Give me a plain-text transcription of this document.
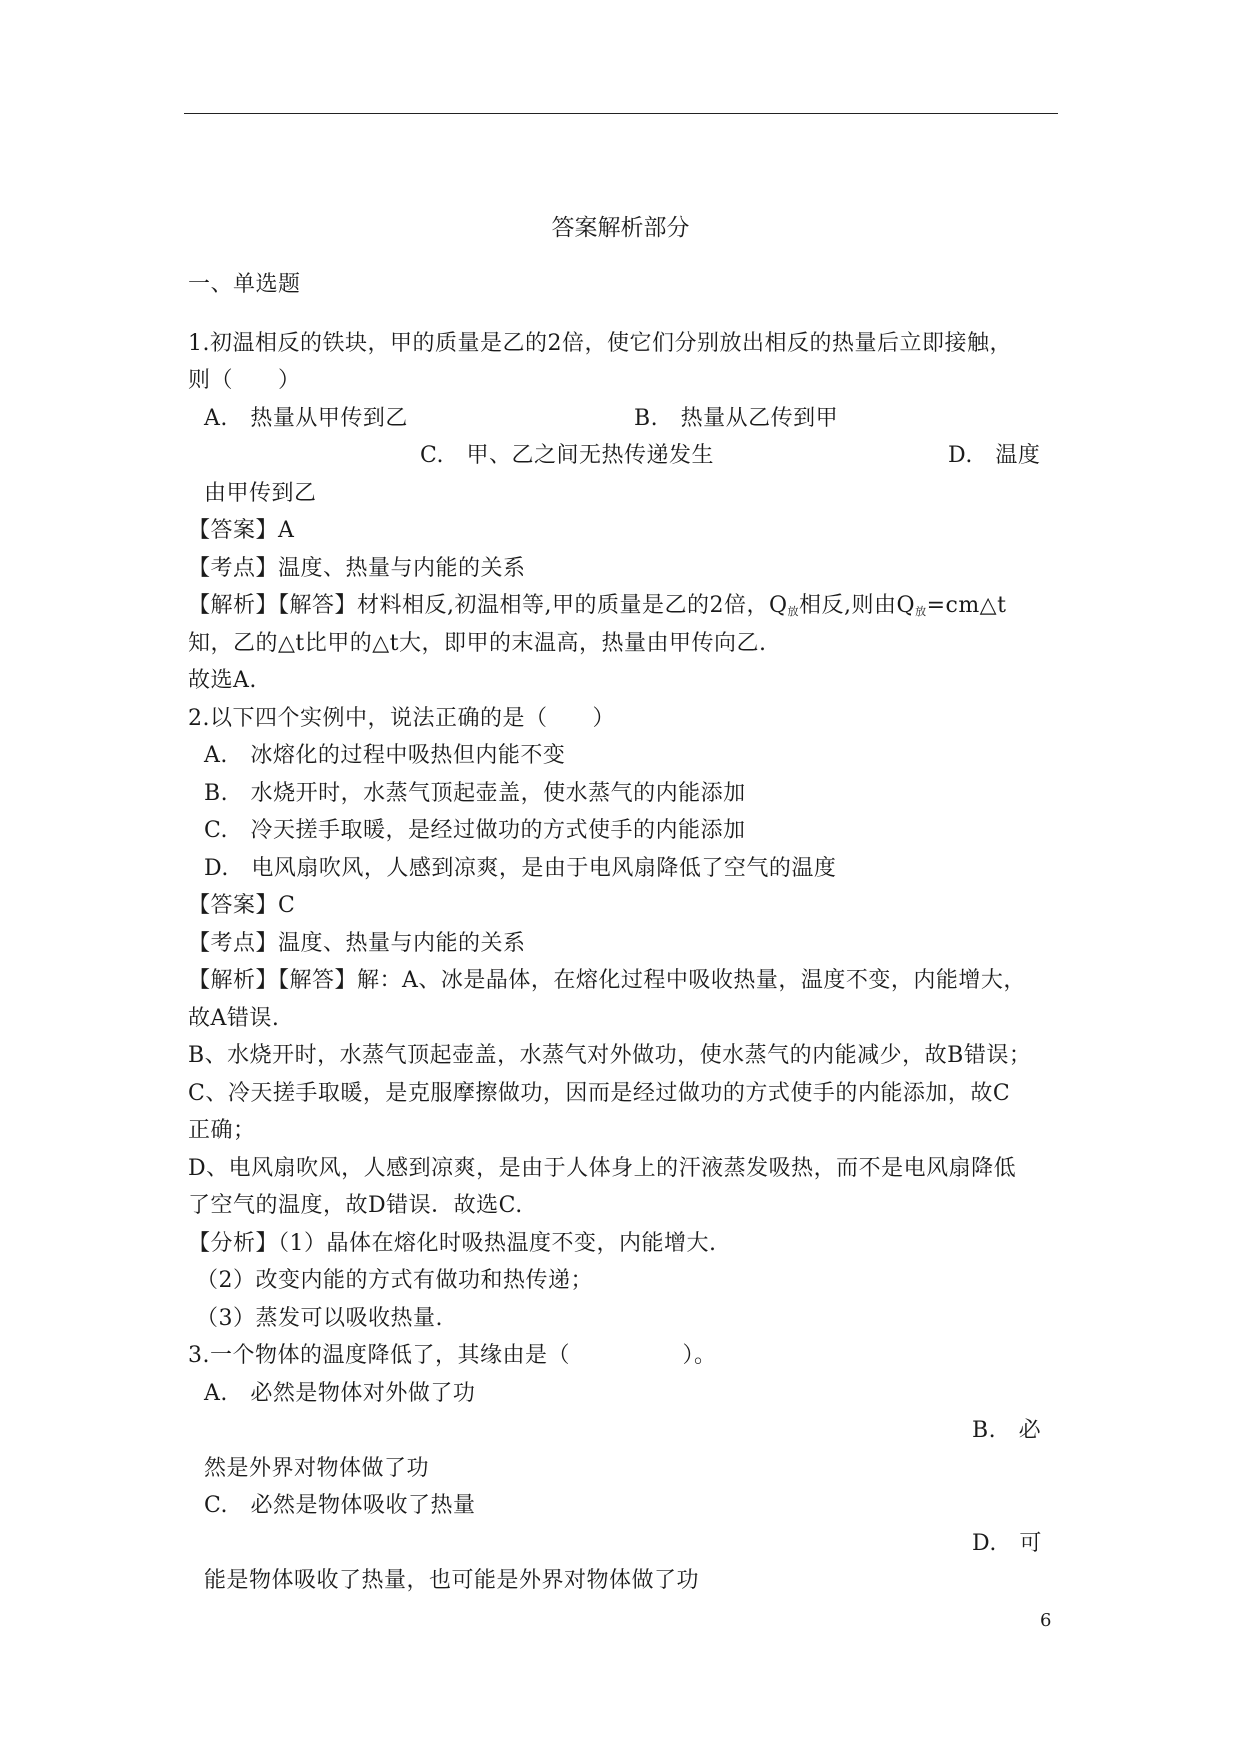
答案解析部分
一、单选题
1.初温相反的铁块，甲的质量是乙的2倍，使它们分别放出相反的热量后立即接触，
则（　　）
A.　热量从甲传到乙	B.　热量从乙传到甲
C.　甲、乙之间无热传递发生	D.　温度
由甲传到乙
【答案】A
【考点】温度、热量与内能的关系
【解析】【解答】材料相反,初温相等,甲的质量是乙的2倍，$Q_放$相反,则由$Q_放=cm\triangle t$
知，乙的△t比甲的△t大，即甲的末温高，热量由甲传向乙.
故选A.
2.以下四个实例中，说法正确的是（　　）
A.　冰熔化的过程中吸热但内能不变
B.　水烧开时，水蒸气顶起壶盖，使水蒸气的内能添加
C.　冷天搓手取暖，是经过做功的方式使手的内能添加
D.　电风扇吹风，人感到凉爽，是由于电风扇降低了空气的温度
【答案】C
【考点】温度、热量与内能的关系
【解析】【解答】解：A、冰是晶体，在熔化过程中吸收热量，温度不变，内能增大，
故A错误.
B、水烧开时，水蒸气顶起壶盖，水蒸气对外做功，使水蒸气的内能减少，故B错误；
C、冷天搓手取暖，是克服摩擦做功，因而是经过做功的方式使手的内能添加，故C
正确；
D、电风扇吹风，人感到凉爽，是由于人体身上的汗液蒸发吸热，而不是电风扇降低
了空气的温度，故D错误．故选C.
【分析】（1）晶体在熔化时吸热温度不变，内能增大.
（2）改变内能的方式有做功和热传递；
（3）蒸发可以吸收热量.
3.一个物体的温度降低了，其缘由是（　　　　　）。
A.　必然是物体对外做了功
B.　必
然是外界对物体做了功
C.　必然是物体吸收了热量
D.　可
能是物体吸收了热量，也可能是外界对物体做了功
6
